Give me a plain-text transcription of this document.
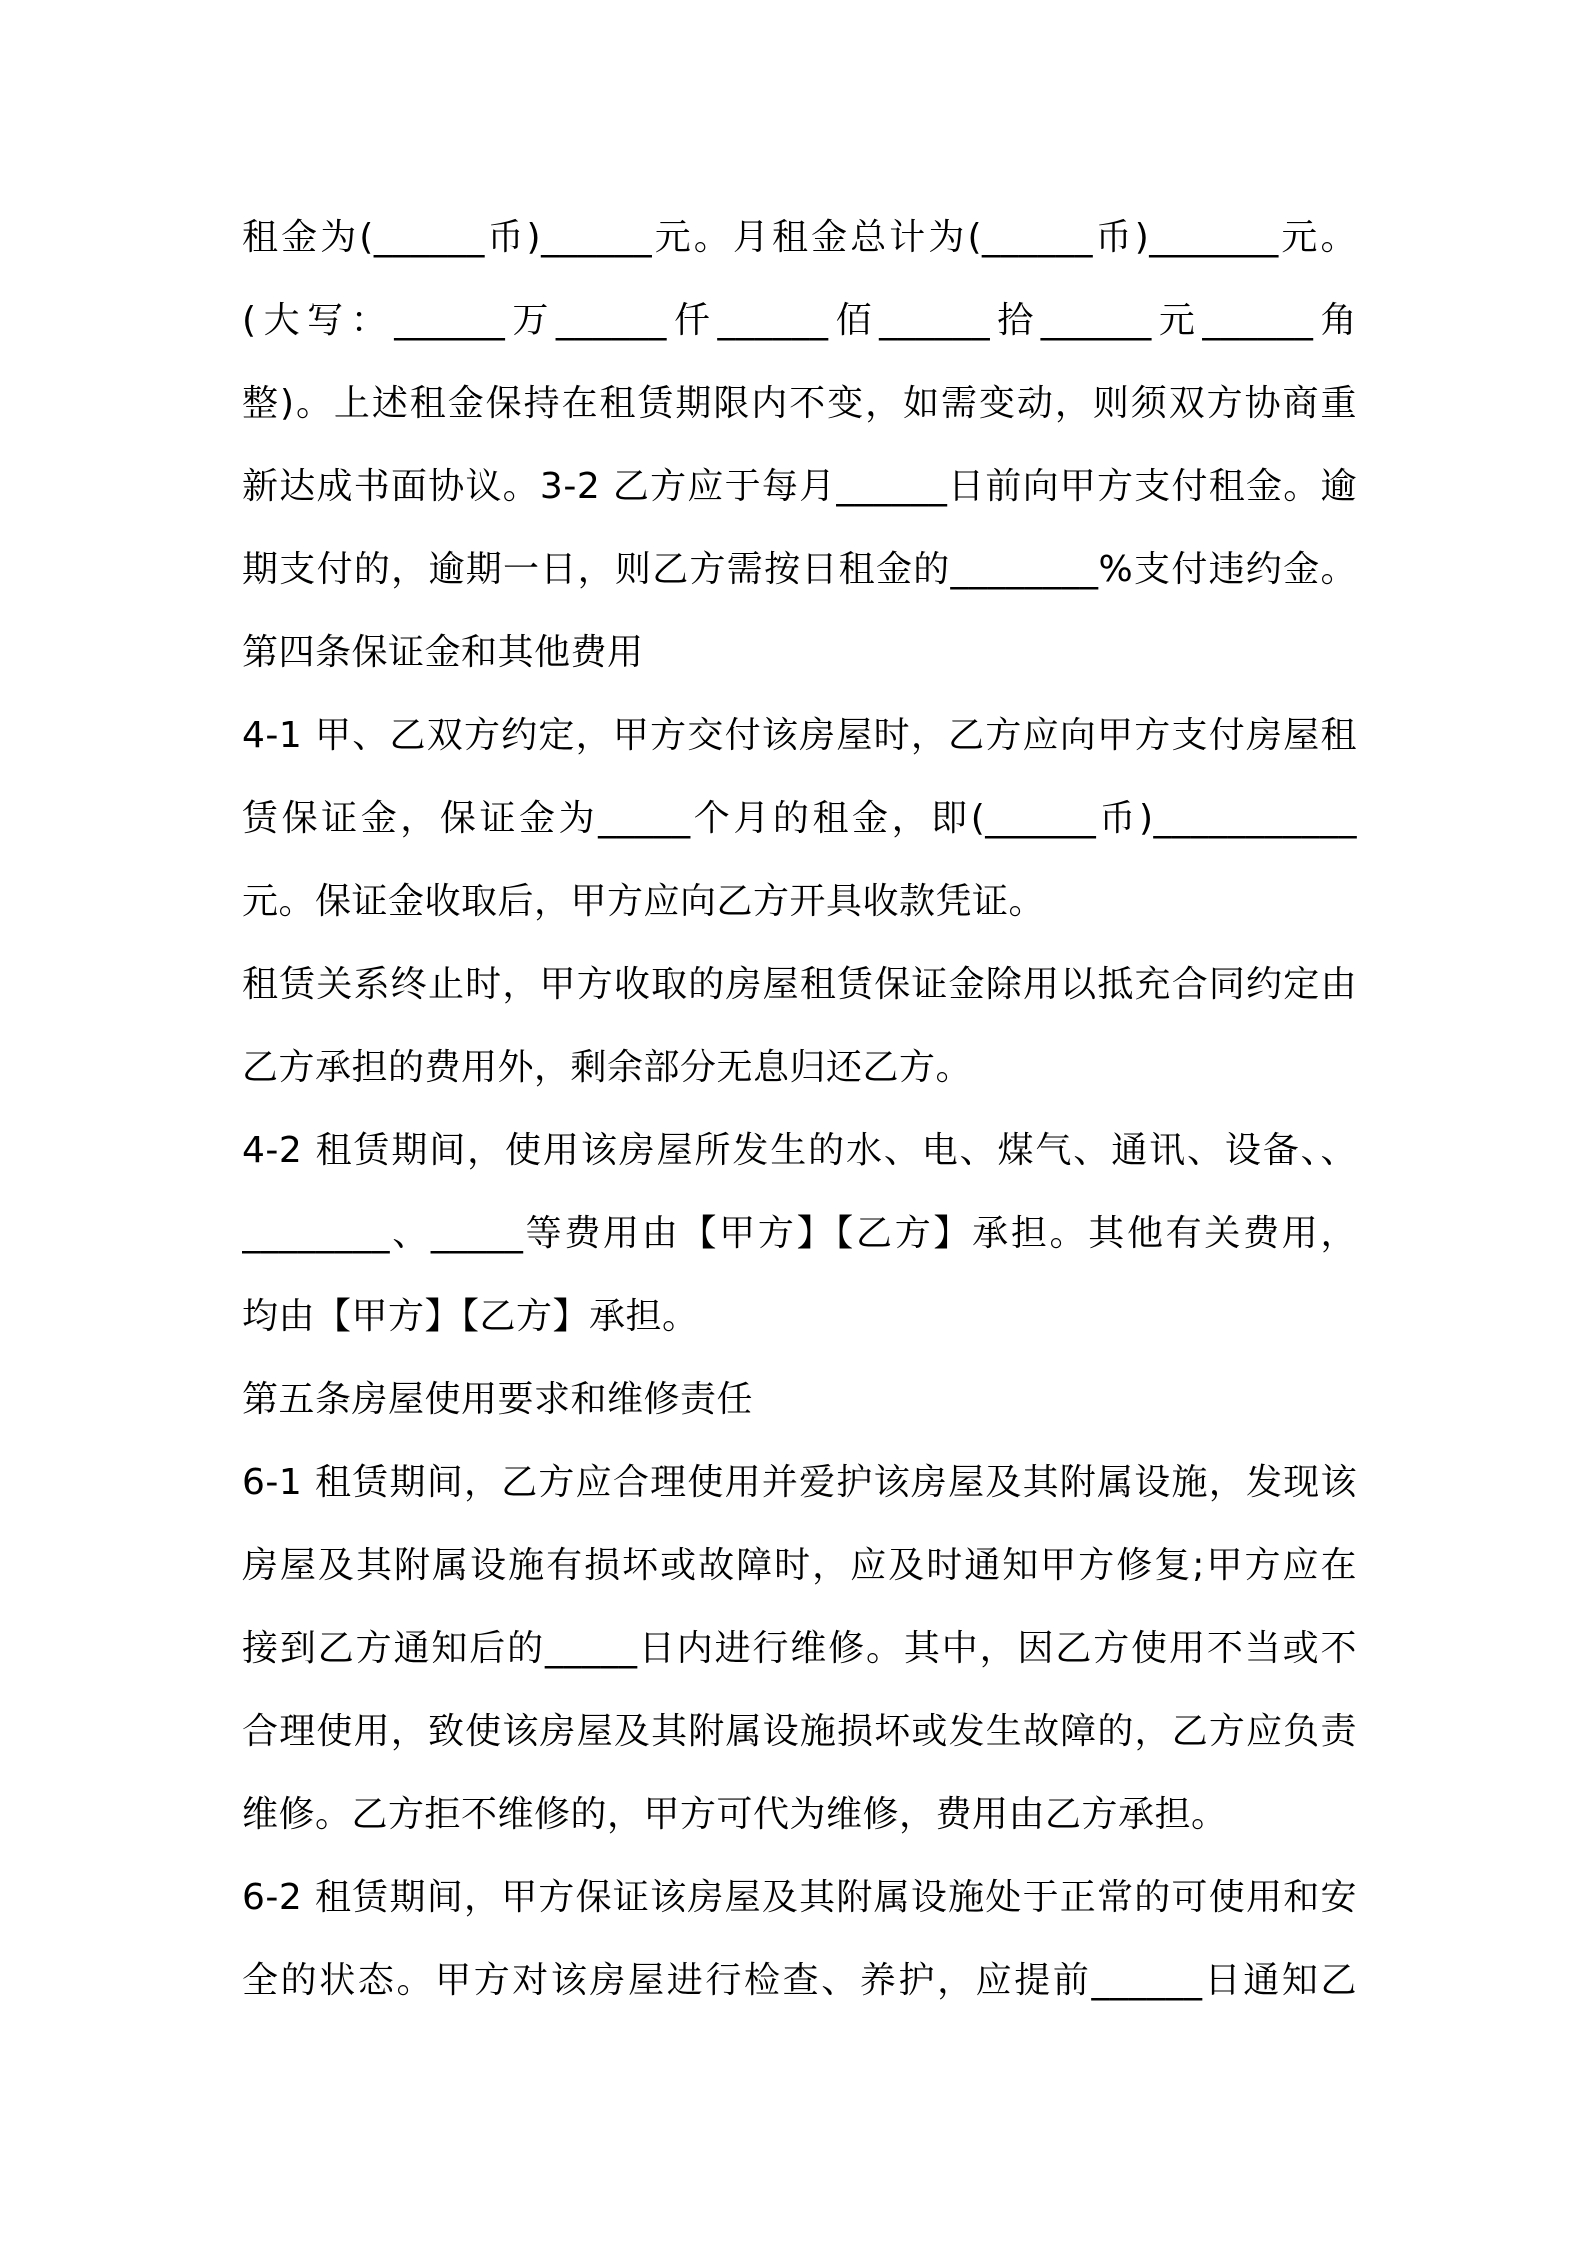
租金为(______币)______元。月租金总计为(______币)_______元。
(大写：______万______仟______佰______拾______元______角
整)。上述租金保持在租赁期限内不变，如需变动，则须双方协商重
新达成书面协议。3-2 乙方应于每月______日前向甲方支付租金。逾
期支付的，逾期一日，则乙方需按日租金的________%支付违约金。
第四条保证金和其他费用
4-1 甲、乙双方约定，甲方交付该房屋时，乙方应向甲方支付房屋租
赁保证金，保证金为_____个月的租金，即(______币)___________
元。保证金收取后，甲方应向乙方开具收款凭证。
租赁关系终止时，甲方收取的房屋租赁保证金除用以抵充合同约定由
乙方承担的费用外，剩余部分无息归还乙方。
4-2 租赁期间，使用该房屋所发生的水、电、煤气、通讯、设备、、
________、_____等费用由【甲方】【乙方】承担。其他有关费用，
均由【甲方】【乙方】承担。
第五条房屋使用要求和维修责任
6-1 租赁期间，乙方应合理使用并爱护该房屋及其附属设施，发现该
房屋及其附属设施有损坏或故障时，应及时通知甲方修复;甲方应在
接到乙方通知后的_____日内进行维修。其中，因乙方使用不当或不
合理使用，致使该房屋及其附属设施损坏或发生故障的，乙方应负责
维修。乙方拒不维修的，甲方可代为维修，费用由乙方承担。
6-2 租赁期间，甲方保证该房屋及其附属设施处于正常的可使用和安
全的状态。甲方对该房屋进行检查、养护，应提前______日通知乙
